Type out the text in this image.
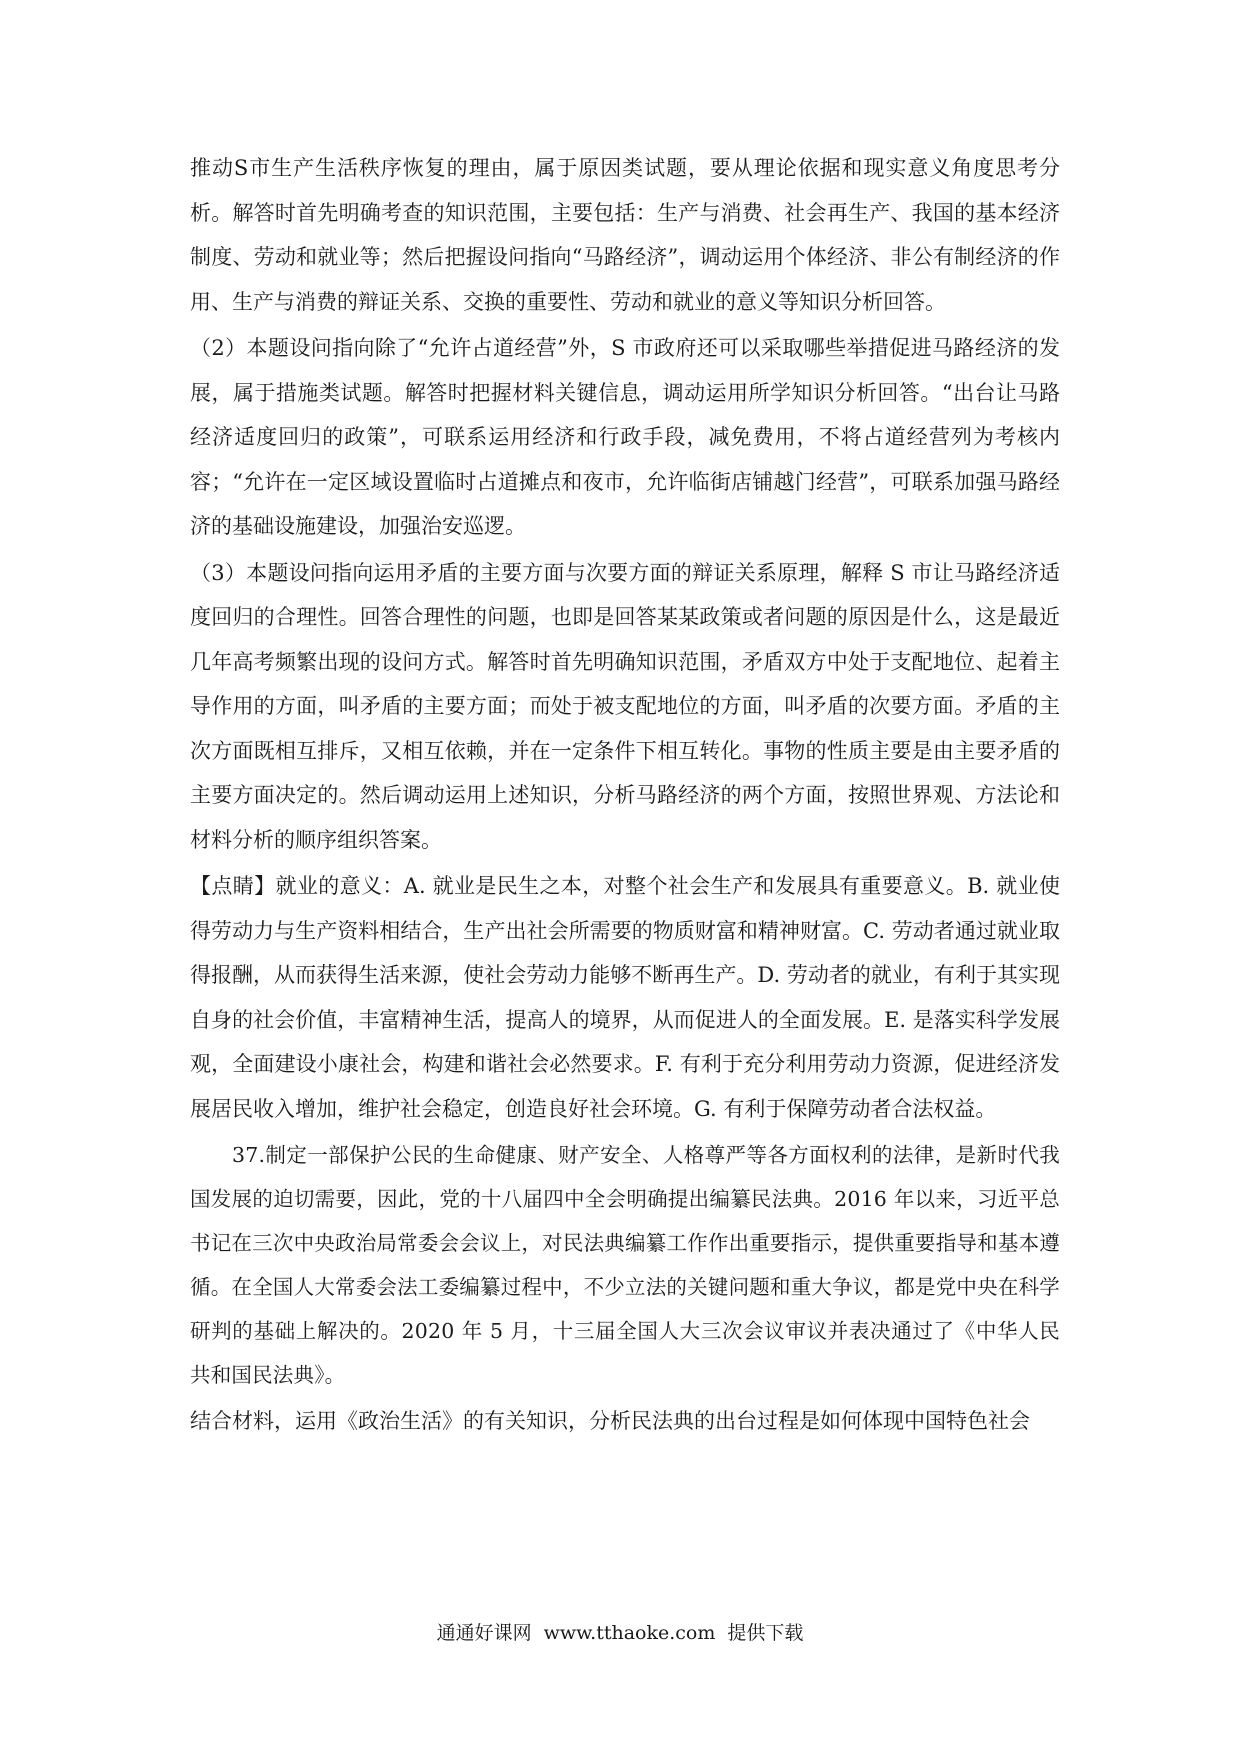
推动S市生产生活秩序恢复的理由，属于原因类试题，要从理论依据和现实意义角度思考分析。解答时首先明确考查的知识范围，主要包括：生产与消费、社会再生产、我国的基本经济制度、劳动和就业等；然后把握设问指向“马路经济”，调动运用个体经济、非公有制经济的作用、生产与消费的辩证关系、交换的重要性、劳动和就业的意义等知识分析回答。

（2）本题设问指向除了“允许占道经营”外，S 市政府还可以采取哪些举措促进马路经济的发展，属于措施类试题。解答时把握材料关键信息，调动运用所学知识分析回答。“出台让马路经济适度回归的政策”，可联系运用经济和行政手段，减免费用，不将占道经营列为考核内容；“允许在一定区域设置临时占道摊点和夜市，允许临街店铺越门经营”，可联系加强马路经济的基础设施建设，加强治安巡逻。

（3）本题设问指向运用矛盾的主要方面与次要方面的辩证关系原理，解释 S 市让马路经济适度回归的合理性。回答合理性的问题，也即是回答某某政策或者问题的原因是什么，这是最近几年高考频繁出现的设问方式。解答时首先明确知识范围，矛盾双方中处于支配地位、起着主导作用的方面，叫矛盾的主要方面；而处于被支配地位的方面，叫矛盾的次要方面。矛盾的主次方面既相互排斥，又相互依赖，并在一定条件下相互转化。事物的性质主要是由主要矛盾的主要方面决定的。然后调动运用上述知识，分析马路经济的两个方面，按照世界观、方法论和材料分析的顺序组织答案。

【点睛】就业的意义：A. 就业是民生之本，对整个社会生产和发展具有重要意义。B. 就业使得劳动力与生产资料相结合，生产出社会所需要的物质财富和精神财富。C. 劳动者通过就业取得报酬，从而获得生活来源，使社会劳动力能够不断再生产。D. 劳动者的就业，有利于其实现自身的社会价值，丰富精神生活，提高人的境界，从而促进人的全面发展。E. 是落实科学发展观，全面建设小康社会，构建和谐社会必然要求。F. 有利于充分利用劳动力资源，促进经济发展居民收入增加，维护社会稳定，创造良好社会环境。G. 有利于保障劳动者合法权益。

37.制定一部保护公民的生命健康、财产安全、人格尊严等各方面权利的法律，是新时代我国发展的迫切需要，因此，党的十八届四中全会明确提出编纂民法典。2016 年以来，习近平总书记在三次中央政治局常委会会议上，对民法典编纂工作作出重要指示，提供重要指导和基本遵循。在全国人大常委会法工委编纂过程中，不少立法的关键问题和重大争议，都是党中央在科学研判的基础上解决的。2020 年 5 月，十三届全国人大三次会议审议并表决通过了《中华人民共和国民法典》。

结合材料，运用《政治生活》的有关知识，分析民法典的出台过程是如何体现中国特色社会

通通好课网 www.tthaoke.com 提供下载
